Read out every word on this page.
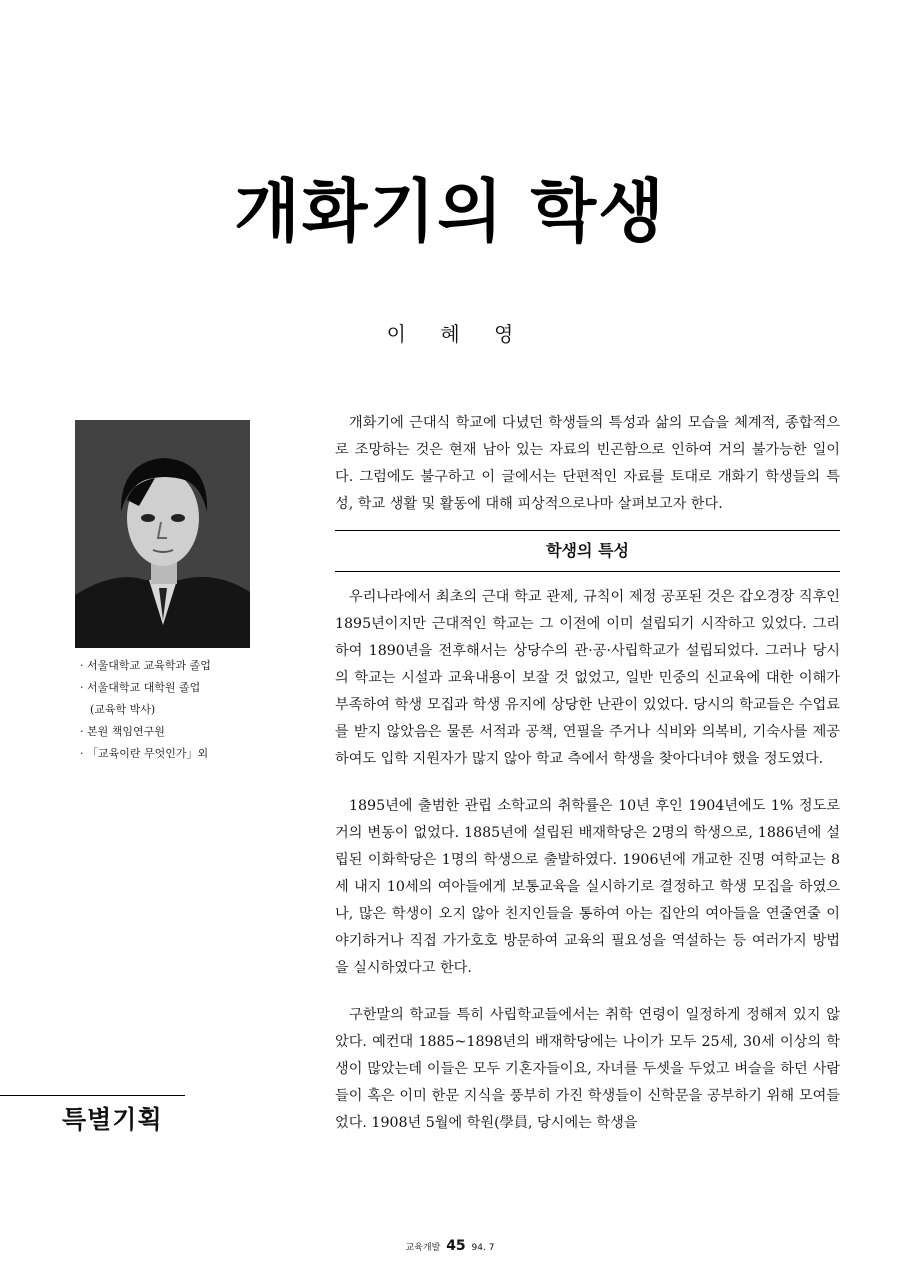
개화기의 학생
이 혜 영
· 서울대학교 교육학과 졸업
· 서울대학교 대학원 졸업
(교육학 박사)
· 본원 책임연구원
· 「교육이란 무엇인가」외
특별기획

개화기에 근대식 학교에 다녔던 학생들의 특성과 삶의 모습을 체계적, 종합적으로 조망하는 것은 현재 남아 있는 자료의 빈곤함으로 인하여 거의 불가능한 일이다. 그럼에도 불구하고 이 글에서는 단편적인 자료를 토대로 개화기 학생들의 특성, 학교 생활 및 활동에 대해 피상적으로나마 살펴보고자 한다.

학생의 특성

우리나라에서 최초의 근대 학교 관제, 규칙이 제정 공포된 것은 갑오경장 직후인 1895년이지만 근대적인 학교는 그 이전에 이미 설립되기 시작하고 있었다. 그리하여 1890년을 전후해서는 상당수의 관·공·사립학교가 설립되었다. 그러나 당시의 학교는 시설과 교육내용이 보잘 것 없었고, 일반 민중의 신교육에 대한 이해가 부족하여 학생 모집과 학생 유지에 상당한 난관이 있었다. 당시의 학교들은 수업료를 받지 않았음은 물론 서적과 공책, 연필을 주거나 식비와 의복비, 기숙사를 제공하여도 입학 지원자가 많지 않아 학교 측에서 학생을 찾아다녀야 했을 정도였다.

1895년에 출범한 관립 소학교의 취학률은 10년 후인 1904년에도 1% 정도로 거의 변동이 없었다. 1885년에 설립된 배재학당은 2명의 학생으로, 1886년에 설립된 이화학당은 1명의 학생으로 출발하였다. 1906년에 개교한 진명 여학교는 8세 내지 10세의 여아들에게 보통교육을 실시하기로 결정하고 학생 모집을 하였으나, 많은 학생이 오지 않아 친지인들을 통하여 아는 집안의 여아들을 연줄연줄 이야기하거나 직접 가가호호 방문하여 교육의 필요성을 역설하는 등 여러가지 방법을 실시하였다고 한다.

구한말의 학교들 특히 사립학교들에서는 취학 연령이 일정하게 정해져 있지 않았다. 예컨대 1885~1898년의 배재학당에는 나이가 모두 25세, 30세 이상의 학생이 많았는데 이들은 모두 기혼자들이요, 자녀를 두셋을 두었고 벼슬을 하던 사람들이 혹은 이미 한문 지식을 풍부히 가진 학생들이 신학문을 공부하기 위해 모여들었다. 1908년 5월에 학원(學員, 당시에는 학생을

교육개발 45 94. 7
